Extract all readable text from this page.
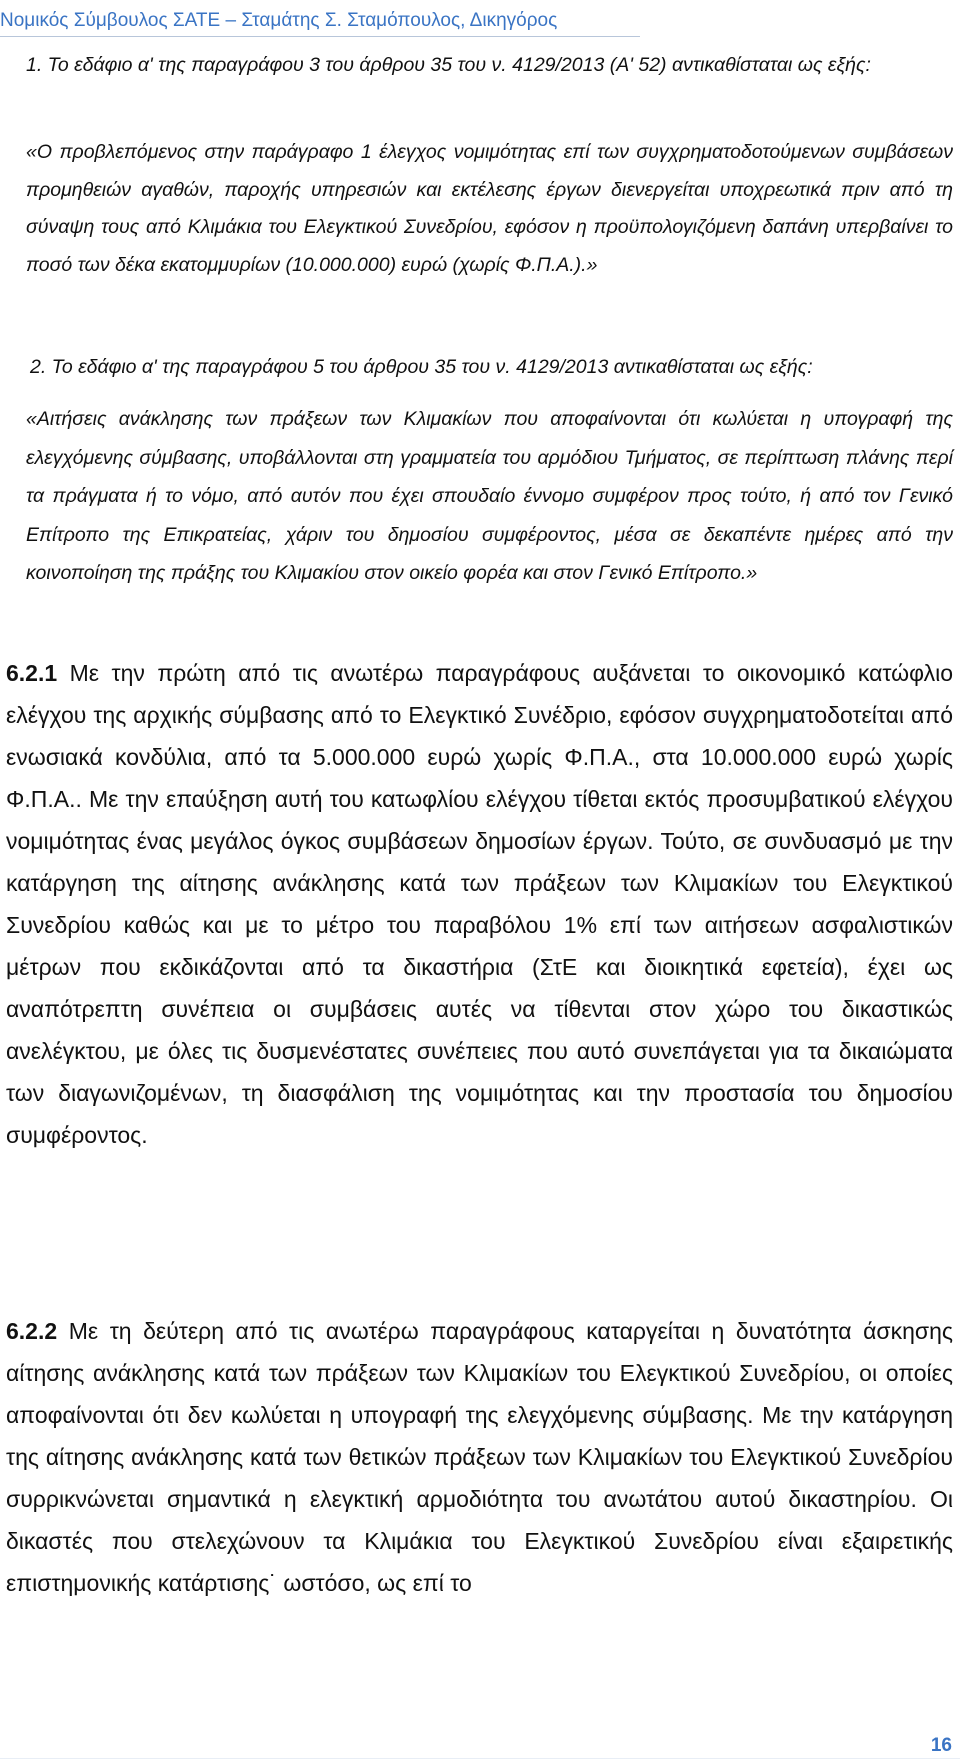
Νομικός Σύμβουλος ΣΑΤΕ – Σταμάτης Σ. Σταμόπουλος, Δικηγόρος

1. Το εδάφιο α' της παραγράφου 3 του άρθρου 35 του ν. 4129/2013 (Α' 52) αντικαθίσταται ως εξής:

«Ο προβλεπόμενος στην παράγραφο 1 έλεγχος νομιμότητας επί των συγχρηματοδοτούμενων συμβάσεων προμηθειών αγαθών, παροχής υπηρεσιών και εκτέλεσης έργων διενεργείται υποχρεωτικά πριν από τη σύναψη τους από Κλιμάκια του Ελεγκτικού Συνεδρίου, εφόσον η προϋπολογιζόμενη δαπάνη υπερβαίνει το ποσό των δέκα εκατομμυρίων (10.000.000) ευρώ (χωρίς Φ.Π.Α.).»

2. Το εδάφιο α' της παραγράφου 5 του άρθρου 35 του ν. 4129/2013 αντικαθίσταται ως εξής:

«Αιτήσεις ανάκλησης των πράξεων των Κλιμακίων που αποφαίνονται ότι κωλύεται η υπογραφή της ελεγχόμενης σύμβασης, υποβάλλονται στη γραμματεία του αρμόδιου Τμήματος, σε περίπτωση πλάνης περί τα πράγματα ή το νόμο, από αυτόν που έχει σπουδαίο έννομο συμφέρον προς τούτο, ή από τον Γενικό Επίτροπο της Επικρατείας, χάριν του δημοσίου συμφέροντος, μέσα σε δεκαπέντε ημέρες από την κοινοποίηση της πράξης του Κλιμακίου στον οικείο φορέα και στον Γενικό Επίτροπο.»

6.2.1 Με την πρώτη από τις ανωτέρω παραγράφους αυξάνεται το οικονομικό κατώφλιο ελέγχου της αρχικής σύμβασης από το Ελεγκτικό Συνέδριο, εφόσον συγχρηματοδοτείται από ενωσιακά κονδύλια, από τα 5.000.000 ευρώ χωρίς Φ.Π.Α., στα 10.000.000 ευρώ χωρίς Φ.Π.Α.. Με την επαύξηση αυτή του κατωφλίου ελέγχου τίθεται εκτός προσυμβατικού ελέγχου νομιμότητας ένας μεγάλος όγκος συμβάσεων δημοσίων έργων. Τούτο, σε συνδυασμό με την κατάργηση της αίτησης ανάκλησης κατά των πράξεων των Κλιμακίων του Ελεγκτικού Συνεδρίου καθώς και με το μέτρο του παραβόλου 1% επί των αιτήσεων ασφαλιστικών μέτρων που εκδικάζονται από τα δικαστήρια (ΣτΕ και διοικητικά εφετεία), έχει ως αναπότρεπτη συνέπεια οι συμβάσεις αυτές να τίθενται στον χώρο του δικαστικώς ανελέγκτου, με όλες τις δυσμενέστατες συνέπειες που αυτό συνεπάγεται για τα δικαιώματα των διαγωνιζομένων, τη διασφάλιση της νομιμότητας και την προστασία του δημοσίου συμφέροντος.

6.2.2 Με τη δεύτερη από τις ανωτέρω παραγράφους καταργείται η δυνατότητα άσκησης αίτησης ανάκλησης κατά των πράξεων των Κλιμακίων του Ελεγκτικού Συνεδρίου, οι οποίες αποφαίνονται ότι δεν κωλύεται η υπογραφή της ελεγχόμενης σύμβασης. Με την κατάργηση της αίτησης ανάκλησης κατά των θετικών πράξεων των Κλιμακίων του Ελεγκτικού Συνεδρίου συρρικνώνεται σημαντικά η ελεγκτική αρμοδιότητα του ανωτάτου αυτού δικαστηρίου. Οι δικαστές που στελεχώνουν τα Κλιμάκια του Ελεγκτικού Συνεδρίου είναι εξαιρετικής επιστημονικής κατάρτισης˙ ωστόσο, ως επί το

16
